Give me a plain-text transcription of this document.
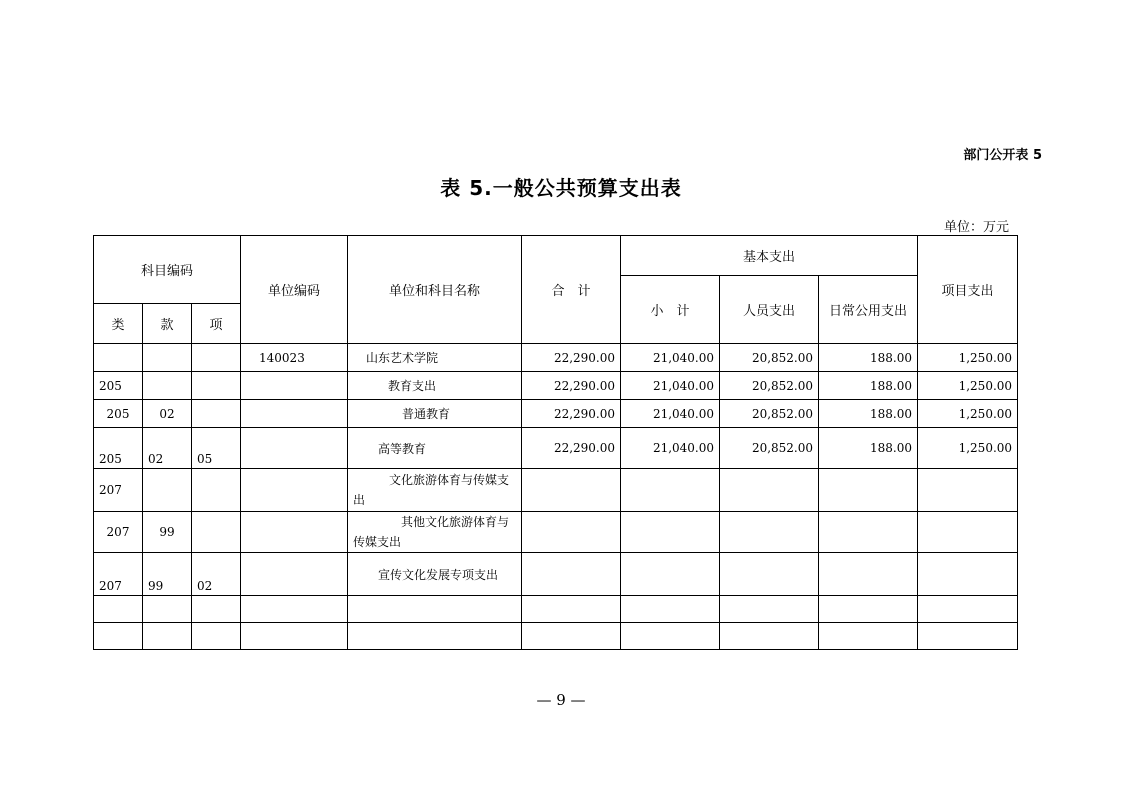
部门公开表 5
表 5.一般公共预算支出表
单位：万元
科目编码			单位编码	单位和科目名称	合　计	基本支出			项目支出
						小　计	人员支出	日常公用支出	
类	款	项							
			140023	山东艺术学院	22,290.00	21,040.00	20,852.00	188.00	1,250.00
205				教育支出	22,290.00	21,040.00	20,852.00	188.00	1,250.00
205	02			普通教育	22,290.00	21,040.00	20,852.00	188.00	1,250.00
205	02	05		高等教育	22,290.00	21,040.00	20,852.00	188.00	1,250.00
207				文化旅游体育与传媒支
出					

207	99			其他文化旅游体育与
传媒支出					

207	99	02		宣传文化发展专项支出					

— 9 —
